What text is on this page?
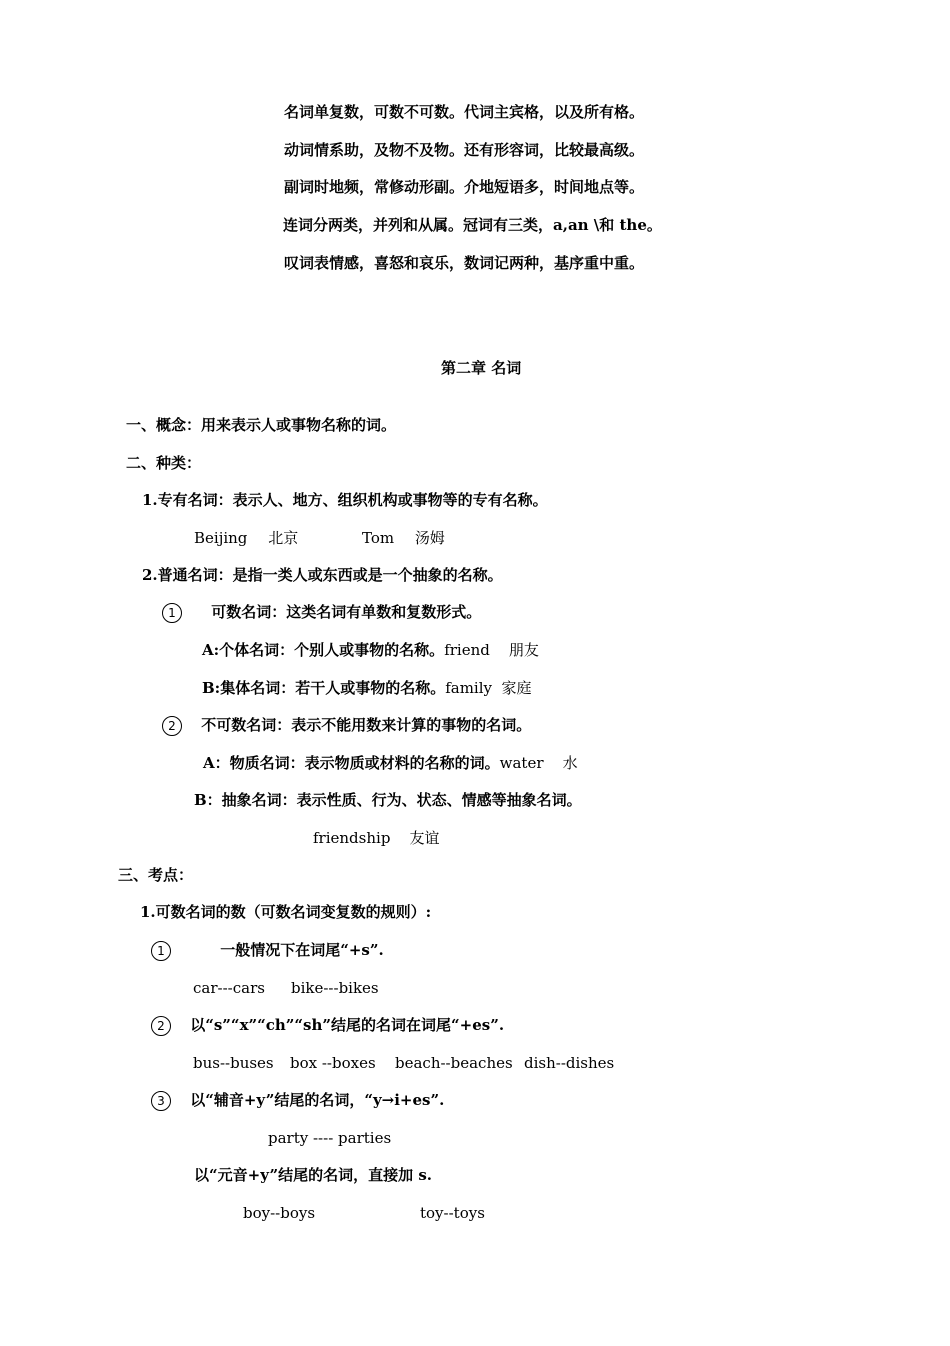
名词单复数，可数不可数。代词主宾格，以及所有格。
动词情系助，及物不及物。还有形容词，比较最高级。
副词时地频，常修动形副。介地短语多，时间地点等。
连词分两类，并列和从属。冠词有三类，a,an \和 the。
叹词表情感，喜怒和哀乐，数词记两种，基序重中重。
第二章 名词
一、概念：用来表示人或事物名称的词。
二、种类：
1.专有名词：表示人、地方、组织机构或事物等的专有名称。
Beijing 北京	Tom 汤姆
2.普通名词：是指一类人或东西或是一个抽象的名称。
1 可数名词：这类名词有单数和复数形式。
A:个体名词：个别人或事物的名称。friend    朋友
B:集体名词：若干人或事物的名称。family  家庭
2 不可数名词：表示不能用数来计算的事物的名词。
A：物质名词：表示物质或材料的名称的词。water    水
B：抽象名词：表示性质、行为、状态、情感等抽象名词。
friendship    友谊
三、考点：
1.可数名词的数（可数名词变复数的规则）:
1	一般情况下在词尾“+s”.
car---cars bike---bikes
2 以“s”“x”“ch”“sh”结尾的名词在词尾“+es”.
bus--buses box --boxes beach--beaches dish--dishes
3 以“辅音+y”结尾的名词，“y→i+es”.
party ---- parties
以“元音+y”结尾的名词，直接加 s.
boy--boys	toy--toys
